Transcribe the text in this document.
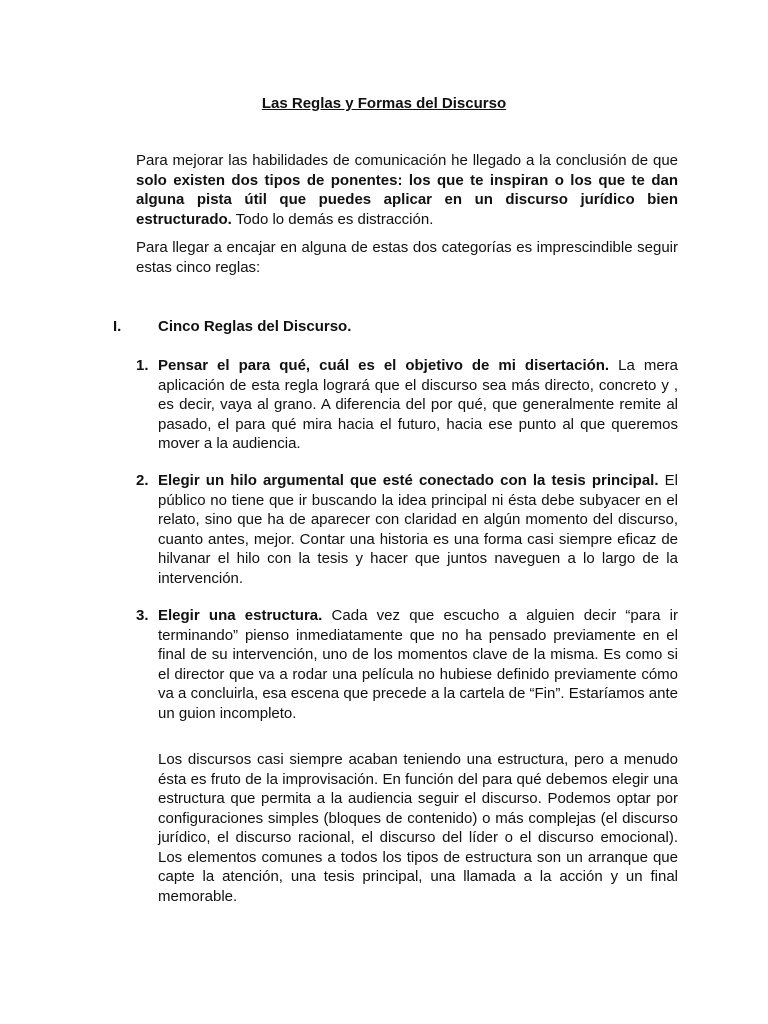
Las Reglas y Formas del Discurso

Para mejorar las habilidades de comunicación he llegado a la conclusión de que solo existen dos tipos de ponentes: los que te inspiran o los que te dan alguna pista útil que puedes aplicar en un discurso jurídico bien estructurado. Todo lo demás es distracción.

Para llegar a encajar en alguna de estas dos categorías es imprescindible seguir estas cinco reglas:

I. Cinco Reglas del Discurso.
1. Pensar el para qué, cuál es el objetivo de mi disertación. La mera aplicación de esta regla logrará que el discurso sea más directo, concreto y , es decir, vaya al grano. A diferencia del por qué, que generalmente remite al pasado, el para qué mira hacia el futuro, hacia ese punto al que queremos mover a la audiencia.
2. Elegir un hilo argumental que esté conectado con la tesis principal. El público no tiene que ir buscando la idea principal ni ésta debe subyacer en el relato, sino que ha de aparecer con claridad en algún momento del discurso, cuanto antes, mejor. Contar una historia es una forma casi siempre eficaz de hilvanar el hilo con la tesis y hacer que juntos naveguen a lo largo de la intervención.
3. Elegir una estructura. Cada vez que escucho a alguien decir “para ir terminando” pienso inmediatamente que no ha pensado previamente en el final de su intervención, uno de los momentos clave de la misma. Es como si el director que va a rodar una película no hubiese definido previamente cómo va a concluirla, esa escena que precede a la cartela de “Fin”. Estaríamos ante un guion incompleto.

Los discursos casi siempre acaban teniendo una estructura, pero a menudo ésta es fruto de la improvisación. En función del para qué debemos elegir una estructura que permita a la audiencia seguir el discurso. Podemos optar por configuraciones simples (bloques de contenido) o más complejas (el discurso jurídico, el discurso racional, el discurso del líder o el discurso emocional). Los elementos comunes a todos los tipos de estructura son un arranque que capte la atención, una tesis principal, una llamada a la acción y un final memorable.
